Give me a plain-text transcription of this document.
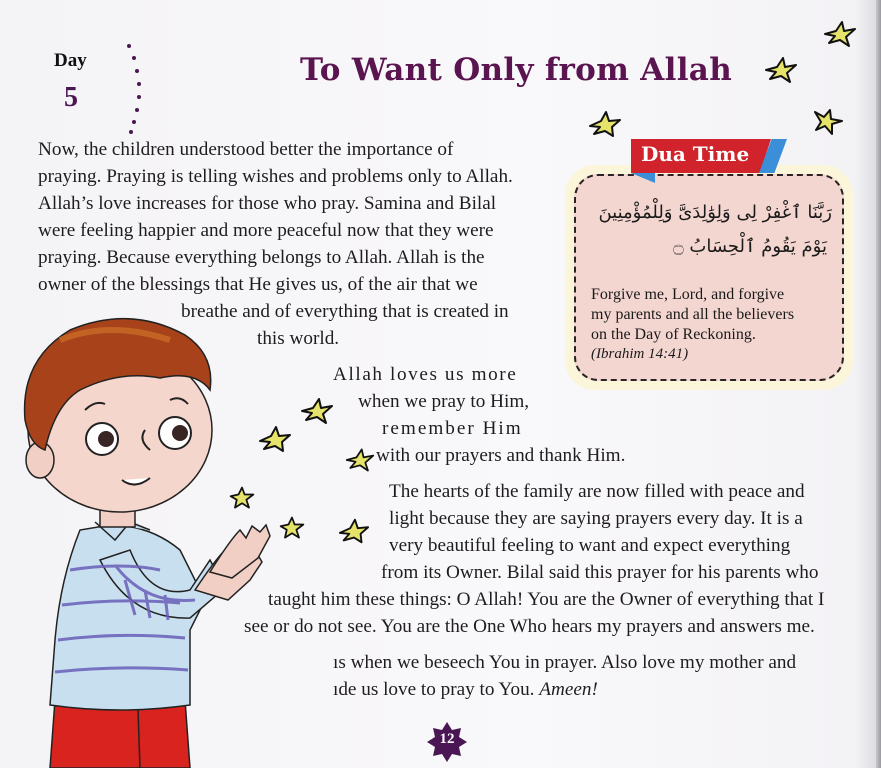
Day
5
To Want Only from Allah
Now, the children understood better the importance of
praying. Praying is telling wishes and problems only to Allah.
Allah’s love increases for those who pray. Samina and Bilal
were feeling happier and more peaceful now that they were
praying. Because everything belongs to Allah. Allah is the
owner of the blessings that He gives us, of the air that we
breathe and of everything that is created in
this world.
Allah loves us more
when we pray to Him,
remember Him
with our prayers and thank Him.
The hearts of the family are now filled with peace and
light because they are saying prayers every day. It is a
very beautiful feeling to want and expect everything
from its Owner. Bilal said this prayer for his parents who
taught him these things: O Allah! You are the Owner of everything that I
see or do not see. You are the One Who hears my prayers and answers me.
ıs when we beseech You in prayer. Also love my mother and
ıde us love to pray to You. Ameen!
Dua Time
رَبَّنَا ٱغْفِرْ لِى وَلِوَٰلِدَىَّ وَلِلْمُؤْمِنِينَ
يَوْمَ يَقُومُ ٱلْحِسَابُ ۝
Forgive me, Lord, and forgive
my parents and all the believers
on the Day of Reckoning.
(Ibrahim 14:41)
12
